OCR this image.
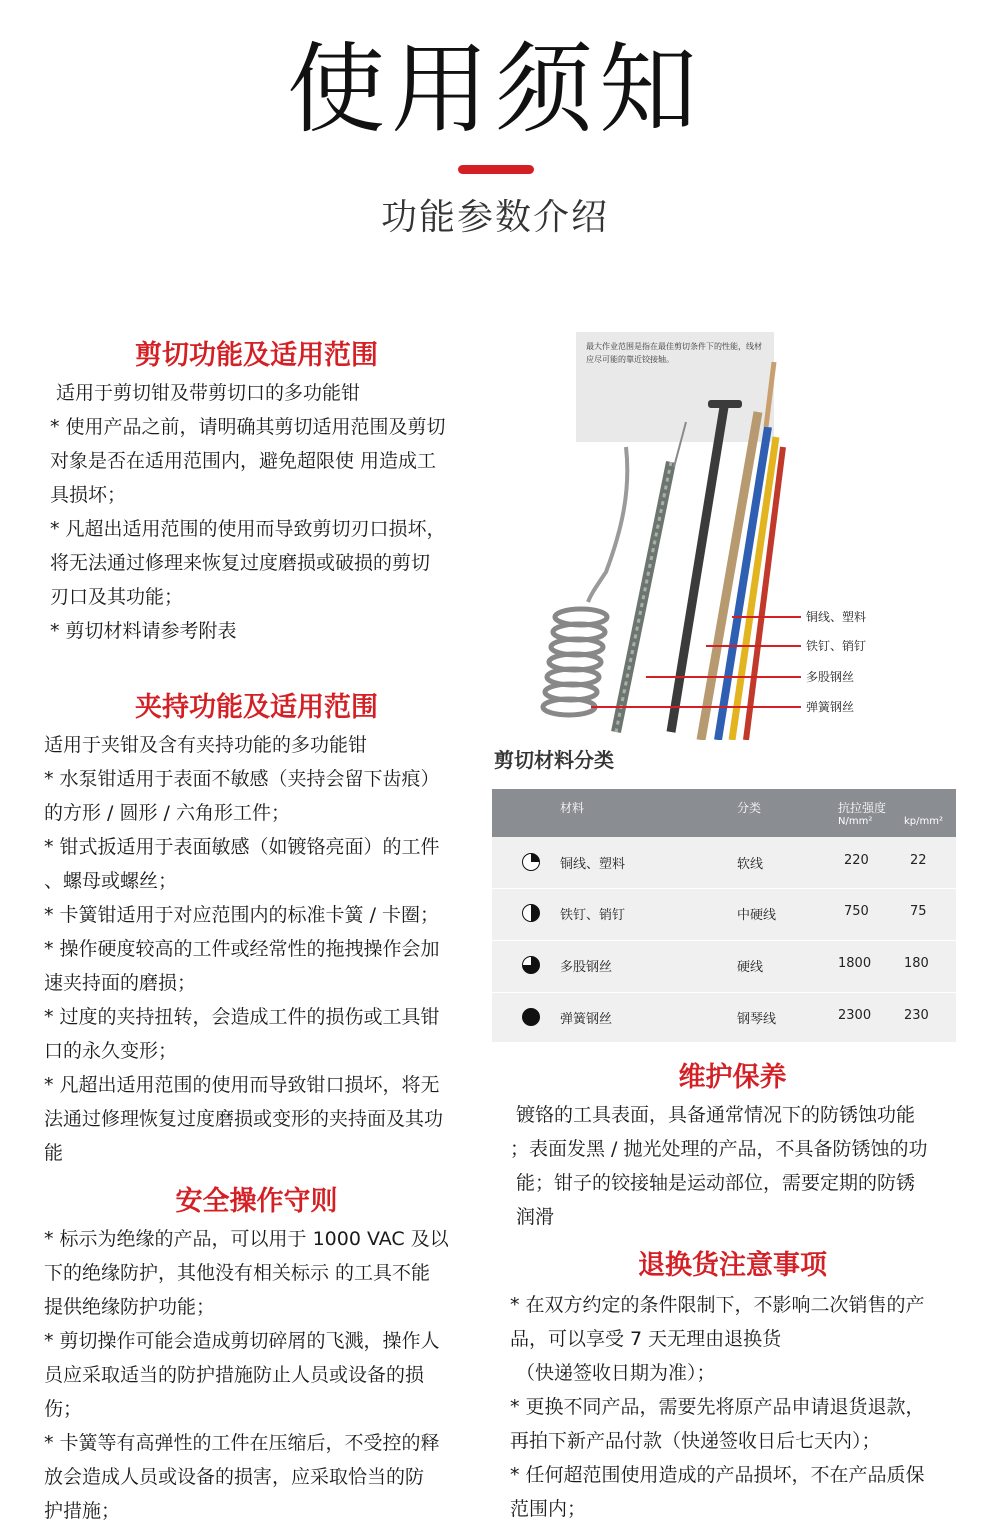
使用须知
功能参数介绍
剪切功能及适用范围

适用于剪切钳及带剪切口的多功能钳

* 使用产品之前，请明确其剪切适用范围及剪切

对象是否在适用范围内，避免超限使 用造成工

具损坏；

* 凡超出适用范围的使用而导致剪切刃口损坏，

将无法通过修理来恢复过度磨损或破损的剪切

刃口及其功能；

* 剪切材料请参考附表

夹持功能及适用范围

适用于夹钳及含有夹持功能的多功能钳

* 水泵钳适用于表面不敏感（夹持会留下齿痕）

的方形 / 圆形 / 六角形工件；

* 钳式扳适用于表面敏感（如镀铬亮面）的工件

、螺母或螺丝；

* 卡簧钳适用于对应范围内的标准卡簧 / 卡圈；

* 操作硬度较高的工件或经常性的拖拽操作会加

速夹持面的磨损；

* 过度的夹持扭转，会造成工件的损伤或工具钳

口的永久变形；

* 凡超出适用范围的使用而导致钳口损坏，将无

法通过修理恢复过度磨损或变形的夹持面及其功

能

安全操作守则

* 标示为绝缘的产品，可以用于 1000 VAC 及以

下的绝缘防护，其他没有相关标示 的工具不能

提供绝缘防护功能；

* 剪切操作可能会造成剪切碎屑的飞溅，操作人

员应采取适当的防护措施防止人员或设备的损

伤；

* 卡簧等有高弹性的工件在压缩后，不受控的释

放会造成人员或设备的损害，应采取恰当的防

护措施；

最大作业范围是指在最佳剪切条件下的性能，线材应尽可能的靠近铰接轴。
铜线、塑料
铁钉、销钉
多股钢丝
弹簧钢丝
剪切材料分类
材料	分类	抗拉强度
N/mm²	kp/mm²
铜线、塑料	软线	220	22
铁钉、销钉	中硬线	750	75
多股钢丝	硬线	1800	180
弹簧钢丝	钢琴线	2300	230
维护保养

镀铬的工具表面，具备通常情况下的防锈蚀功能

；表面发黑 / 抛光处理的产品，不具备防锈蚀的功

能；钳子的铰接轴是运动部位，需要定期的防锈

润滑

退换货注意事项

* 在双方约定的条件限制下，不影响二次销售的产

品，可以享受 7 天无理由退换货

（快递签收日期为准）；

* 更换不同产品，需要先将原产品申请退货退款，

再拍下新产品付款（快递签收日后七天内）；

* 任何超范围使用造成的产品损坏，不在产品质保

范围内；
